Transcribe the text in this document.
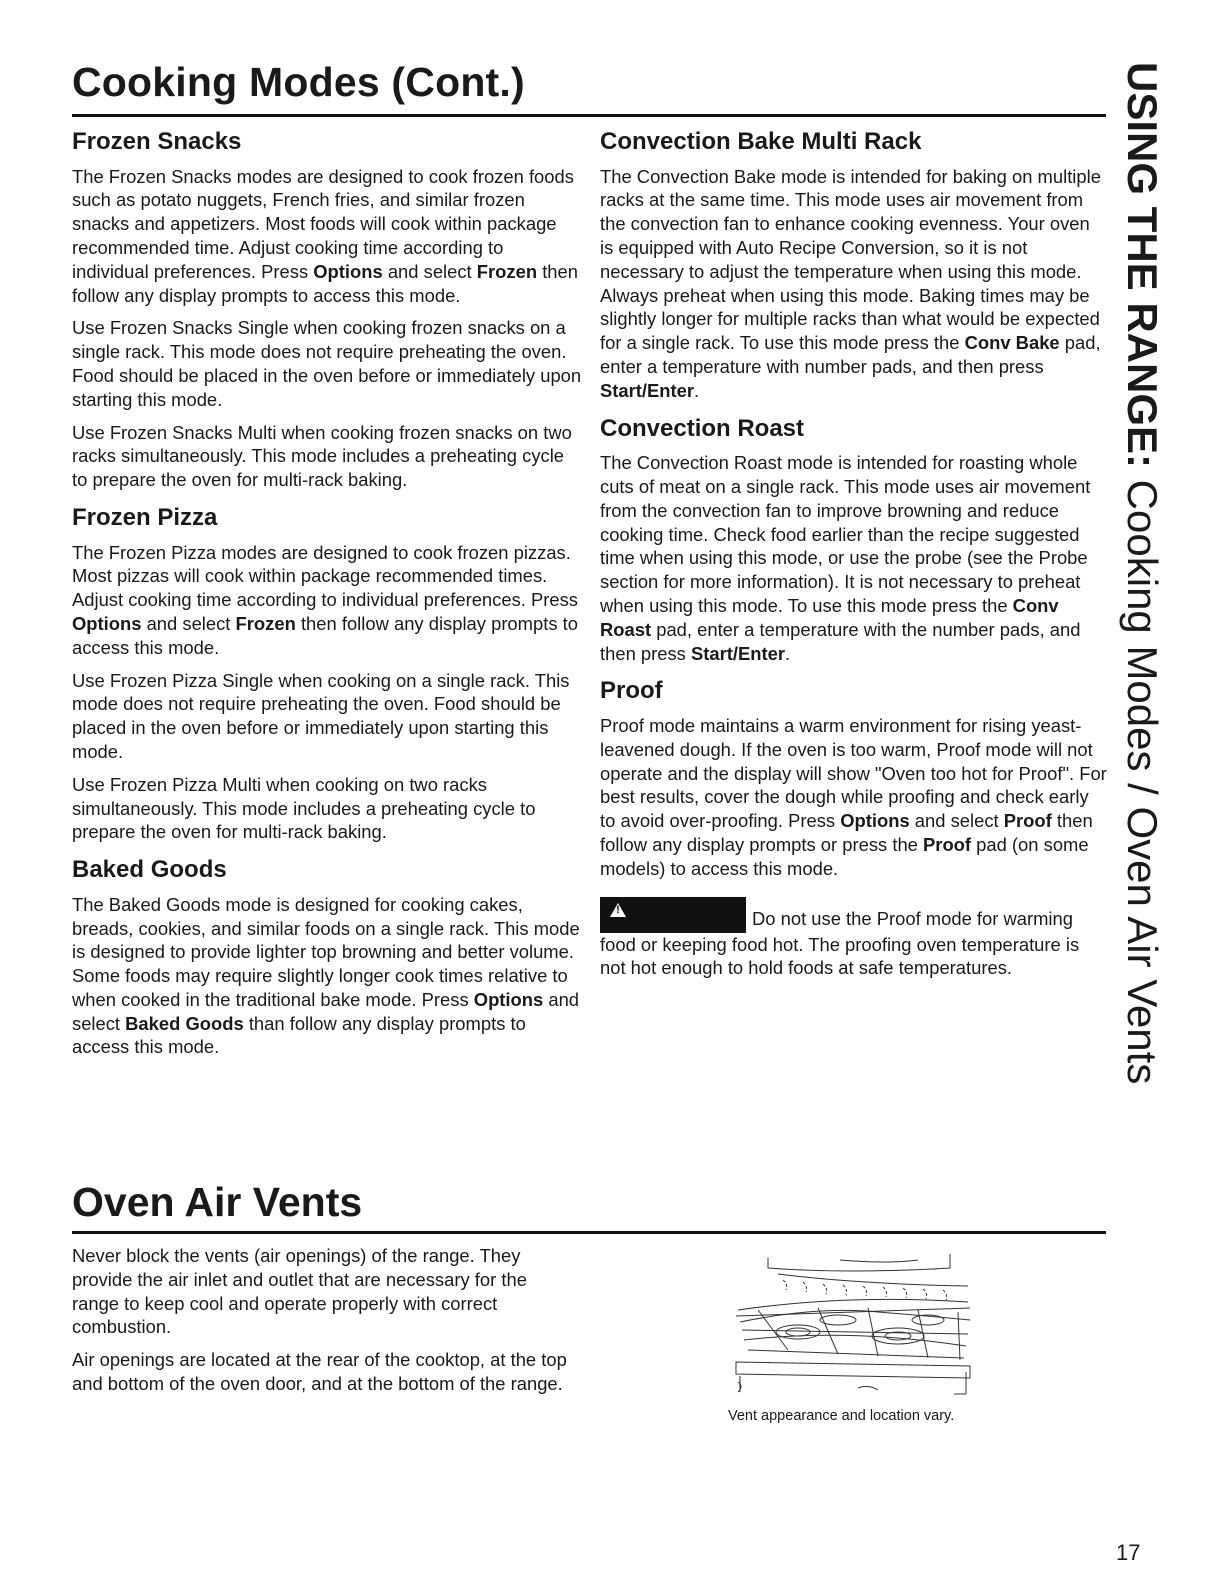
Cooking Modes (Cont.)	USING THE RANGE: Cooking Modes / Oven Air Vents
Frozen Snacks

The Frozen Snacks modes are designed to cook frozen foods such as potato nuggets, French fries, and similar frozen snacks and appetizers. Most foods will cook within package recommended time. Adjust cooking time according to individual preferences. Press Options and select Frozen then follow any display prompts to access this mode.

Use Frozen Snacks Single when cooking frozen snacks on a single rack. This mode does not require preheating the oven. Food should be placed in the oven before or immediately upon starting this mode.

Use Frozen Snacks Multi when cooking frozen snacks on two racks simultaneously. This mode includes a preheating cycle to prepare the oven for multi-rack baking.

Frozen Pizza

The Frozen Pizza modes are designed to cook frozen pizzas. Most pizzas will cook within package recommended times. Adjust cooking time according to individual preferences. Press Options and select Frozen then follow any display prompts to access this mode.

Use Frozen Pizza Single when cooking on a single rack. This mode does not require preheating the oven. Food should be placed in the oven before or immediately upon starting this mode.

Use Frozen Pizza Multi when cooking on two racks simultaneously. This mode includes a preheating cycle to prepare the oven for multi-rack baking.

Baked Goods

The Baked Goods mode is designed for cooking cakes, breads, cookies, and similar foods on a single rack. This mode is designed to provide lighter top browning and better volume. Some foods may require slightly longer cook times relative to when cooked in the traditional bake mode. Press Options and select Baked Goods than follow any display prompts to access this mode.

Convection Bake Multi Rack

The Convection Bake mode is intended for baking on multiple racks at the same time. This mode uses air movement from the convection fan to enhance cooking evenness. Your oven is equipped with Auto Recipe Conversion, so it is not necessary to adjust the temperature when using this mode. Always preheat when using this mode. Baking times may be slightly longer for multiple racks than what would be expected for a single rack. To use this mode press the Conv Bake pad, enter a temperature with number pads, and then press Start/Enter.

Convection Roast

The Convection Roast mode is intended for roasting whole cuts of meat on a single rack. This mode uses air movement from the convection fan to improve browning and reduce cooking time. Check food earlier than the recipe suggested time when using this mode, or use the probe (see the Probe section for more information). It is not necessary to preheat when using this mode. To use this mode press the Conv Roast pad, enter a temperature with the number pads, and then press Start/Enter.

Proof

Proof mode maintains a warm environment for rising yeast-leavened dough. If the oven is too warm, Proof mode will not operate and the display will show "Oven too hot for Proof". For best results, cover the dough while proofing and check early to avoid over-proofing. Press Options and select Proof then follow any display prompts or press the Proof pad (on some models) to access this mode.

!	Do not use the Proof mode for warming food or keeping food hot. The proofing oven temperature is not hot enough to hold foods at safe temperatures.

Oven Air Vents

Never block the vents (air openings) of the range. They provide the air inlet and outlet that are necessary for the range to keep cool and operate properly with correct combustion.

Air openings are located at the rear of the cooktop, at the top and bottom of the oven door, and at the bottom of the range.

Vent appearance and location vary.
17
